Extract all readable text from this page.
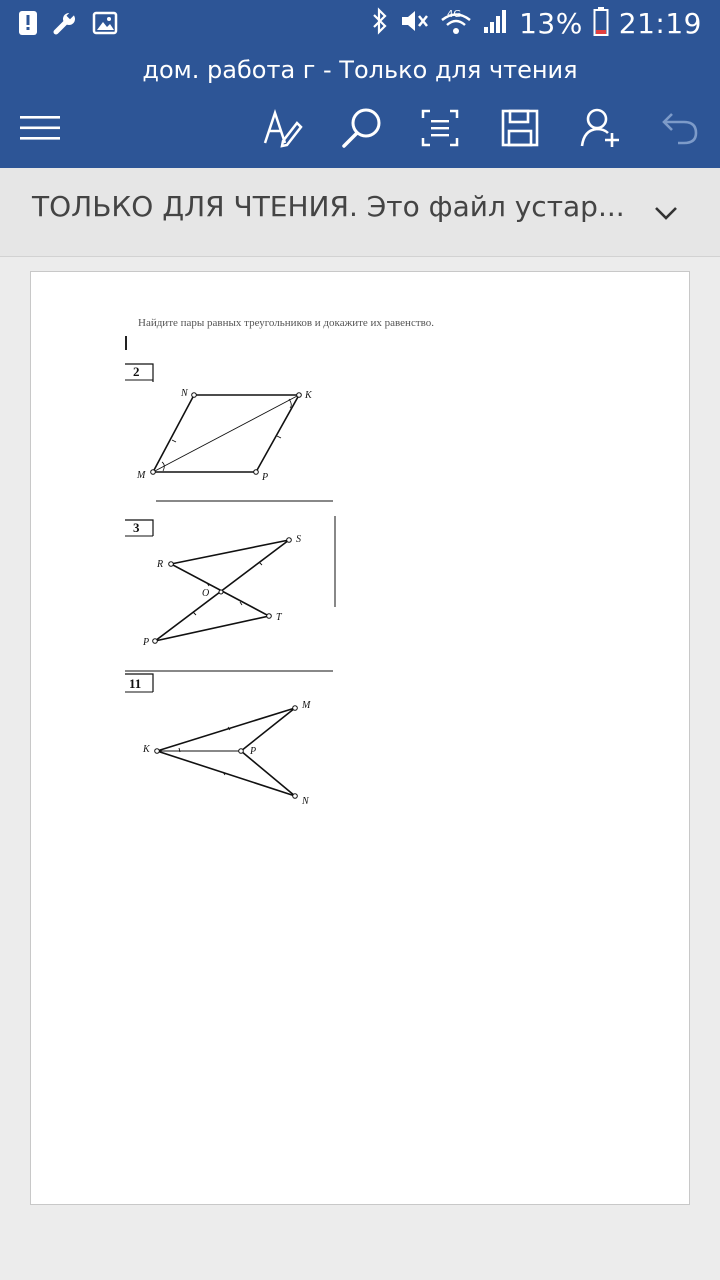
4G 13% 21:19
дом. работа г - Только для чтения
ТОЛЬКО ДЛЯ ЧТЕНИЯ. Это файл устар...
Найдите пары равных треугольников и докажите их равенство.
2
N	K
M	P
3
R
S
O
T
P
11
K
M
P
N
